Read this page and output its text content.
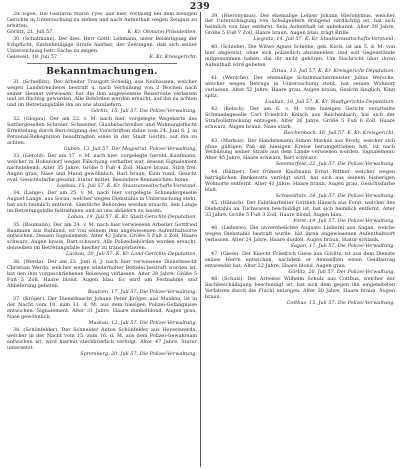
239

28. Egon. Die Gustavin Marin Tyss, aus hier, vorläufig bei dem hiesigen Gerichte in Untersuchung zu ziehen und nach Aufenthalt wegen Zeugnis zu erbitten.

Görlitz, 21. Juli 57.	K. Kr. Obmann-Präsidenten.

30. (Schatmann). Der dies. Herr Gottl. Lehmann, unter Beiseitigung der Erbpflicht, fünfzehntägige Strafe hierher, der Zeitungen, daß sich seiner Untersuchung betr. Sache zu zeigen.

Gelsweit, 19. Juli 57.	K. Kr. Kreisgericht.
Bekanntmachungen.

31. (Schedlitz). Der Arbeiter Traugott Schedig, aus Neuhausen, welcher wegen Landstreicherei bestraft u. nach Verbüßung von 2 Wochen nach seiner Heimat verwiesen, hat die ihm angewiesene Reiseroute verlassen und ist flüchtig geworden. Alle Behörden werden ersucht, auf ihn zu achten und im Betretungsfalle ihn an uns abzuliefern.

Görlitz, 15. Juli 57. Die Polizei-Verwaltung.

32. (Glogau). Der am 22. v. M. nach hier, vorgelegte Wegekarte des Sattlergesellen Schreier, Schneider, Glaubenschreiber und Wohnungsflucht Ermittelung durch Berichtigung des Vorschriften dahin vom 24. Juni S. J. in Personal-Rekognition beauftragten eines in der Stadt Görlitz, auf ihn zu achten.

Guben, 13. Juli 57. Der Magistrat, Polizei-Verwaltung.

33. (Gerold). Der am 17. v. M. nach hier, vorgelegte Gerold, Kaufmann, welcher in Hohendorf wegen Fälschung verhaftet war, dessen Signalement nachstehend: Alter 35 Jahre, Größe 5 Fuß 4 Zoll, Haare braun, Stirn frei, Augen grau, Nase und Mund gewöhnlich, Bart braun, Kinn rund, Gesicht oval, Gesichtsfarbe gesund, Statur mittel. Besondere Kennzeichen: keine.

Loebau, 15. Juli 57. K. Kr. Staatsanwaltschafts-Vorstand.

34. (Lange). Der am 25. v. M. nach hier vorgelegte Schneidergeselle August Lange, aus Sorau, welcher wegen Diebstahls in Untersuchung steht, hat sich heimlich entfernt. Sämtliche Behörden werden ersucht, den Lange im Betretungsfalle festnehmen und an uns abliefern zu lassen.

Lobau, 19. Juli 57. K. Kr. Stadt-Gerichts-Deputation.

35. (Baumann). Der am 24. v. M. nach hier verwiesene Arbeiter Gottfried Baumann aus Ruhland, ist von seinem ihm angewiesenen Aufenthaltsorte entwichen. Dessen Signalement: Alter 42 Jahre, Größe 5 Fuß 2 Zoll, Haare schwarz, Augen braun, Bart schwarz. Alle Polizeibehörden werden ersucht, denselben im Betretungsfalle hierher zu transportieren.

Luckau, 20. Juli 57. K. Kr. Land-Gerichts-Deputation.

36. (Werda). Der am 23. Juni d. J. nach hier verwiesene Dienstknecht Christian Werda, welcher wegen wiederholter Bettelei bestraft worden ist, hat den ihm vorgeschriebenen Reiseweg verlassen. Alter 28 Jahre, Größe 5 Fuß 5 Zoll, Haare blond, Augen blau. Es wird um Festnahme und Ablieferung gebeten.

Bautzen, 17. Juli 57. Die Polizei-Verwaltung.

37. (Kröger). Der Dienstknecht Johann Peter Kröger, aus Muskau, ist in der Nacht vom 10. zum 11. d. M. aus dem hiesigen Polizei-Gefängnisse entwichen. Signalement: Alter 31 Jahre, Haare dunkelblond, Augen grau, Nase gewöhnlich.

Muskau, 12. Juli 57. Die Polizei-Verwaltung.

38. (Schönfelder). Der Schneider Anton Schönfelder aus Hoyerswerda, welcher in der Nacht vom 15. zum 16. d. M. aus dem Polizei-Gewahrsam entwichen ist, wird hiermit steckbrieflich verfolgt. Alter 47 Jahre, Statur untersetzt.

Spremberg, 20. Juli 57. Die Polizei-Verwaltung.

39. (Hieronymus). Der ehemalige Lehrer Johann Hieronymus, welcher der Unterschlagung von Schulgeldern dringend verdächtig ist, hat sich heimlich von hier entfernt. Sein Aufenthalt ist unbekannt. Alter 39 Jahre, Größe 5 Fuß 7 Zoll, Haare braun, Augen blau, trägt Brille.

Liegnitz, 14. Juli 57. K. Kr. Staatsanwaltschafts-Vorstand.

40. (Schiebe). Die Witwe Agnes Schiebe, geb. Koch, ist am 5. d. M. von hier abgereist, ohne sich polizeilich abzumelden, und soll Gegenstände mitgenommen haben, die ihr nicht gehören. Um Nachricht über ihren Aufenthalt wird gebeten.

Zittau, 13. Juli 57. K. Kr. Kreisgericht-Deputation.

41. (Wersche). Der ehemalige Schuhmachermeister Julius Wersche, welcher wegen Betrugs in Untersuchung steht, hat seinen Wohnort verlassen. Alter 52 Jahre, Haare grau, Augen braun, Gesicht länglich, Kinn spitz.

Lauban, 18. Juli 57. K. Kr. Stadtgerichts-Deputation.

42. (Kelsch). Der am 6. v. M. vom hiesigen Gericht verurteilte Schmiedegeselle Carl Friedrich Kelsch aus Reichenbach, hat sich der Strafvollstreckung entzogen. Alter 26 Jahre, Größe 5 Fuß 6 Zoll, Haare schwarz, Augen braun, Nase stark.

Reichenbach, 16. Juli 57. K. Kr. Kreisgericht.

43. (Markus). Der Handelsmann Simon Markus aus Brody, welcher sich ohne gültigen Paß im hiesigen Kreise herumgetrieben hat, ist nach Verbüßung seiner Strafe aus dem Lande verwiesen worden. Signalement: Alter 45 Jahre, Haare schwarz, Bart schwarz.

Sommerfeld, 22. Juli 57. Die Polizei-Verwaltung.

44. (Rittner). Der frühere Kaufmann Ernst Rittner, welcher wegen betrüglichen Bankerotts verfolgt wird, hat sich aus seinem bisherigen Wohnorte entfernt. Alter 41 Jahre, Haare braun, Augen grau, Gesichtsfarbe blaß.

Schweidnitz, 24. Juli 57. Die Polizei-Verwaltung.

45. (Hänsch). Der Fabrikarbeiter Gottlieb Hänsch aus Forst, welcher des Diebstahls an Tuchwaren beschuldigt ist, hat sich heimlich entfernt. Alter 33 Jahre, Größe 5 Fuß 3 Zoll, Haare blond, Augen blau.

Forst, 19. Juli 57. Die Polizei-Verwaltung.

46. (Lieberei). Die unverehelichte Auguste Lieberei aus Sagan, welche wegen Diebstahls bestraft wurde, hat ihren angewiesenen Aufenthaltsort verlassen. Alter 24 Jahre, Haare dunkel, Augen braun, Statur schlank.

Sagan, 17. Juli 57. Die Polizei-Verwaltung.

47. (Giese). Der Knecht Friedrich Giese aus Görlitz, ist aus dem Dienste seines Herrn entwichen, nachdem er demselben einen Geldbetrag entwendet hat. Alter 22 Jahre, Haare blond, Augen grau.

Görlitz, 20. Juli 57. Der Polizei-Verwaltung.

48. (Schulz). Der Arbeiter Wilhelm Schulz aus Cottbus, welcher der Sachbeschädigung beschuldigt ist, hat sich dem gegen ihn eingeleiteten Verfahren durch die Flucht entzogen. Alter 30 Jahre, Haare braun, Augen braun.

Cottbus, 15. Juli 57. Die Polizei-Verwaltung.
